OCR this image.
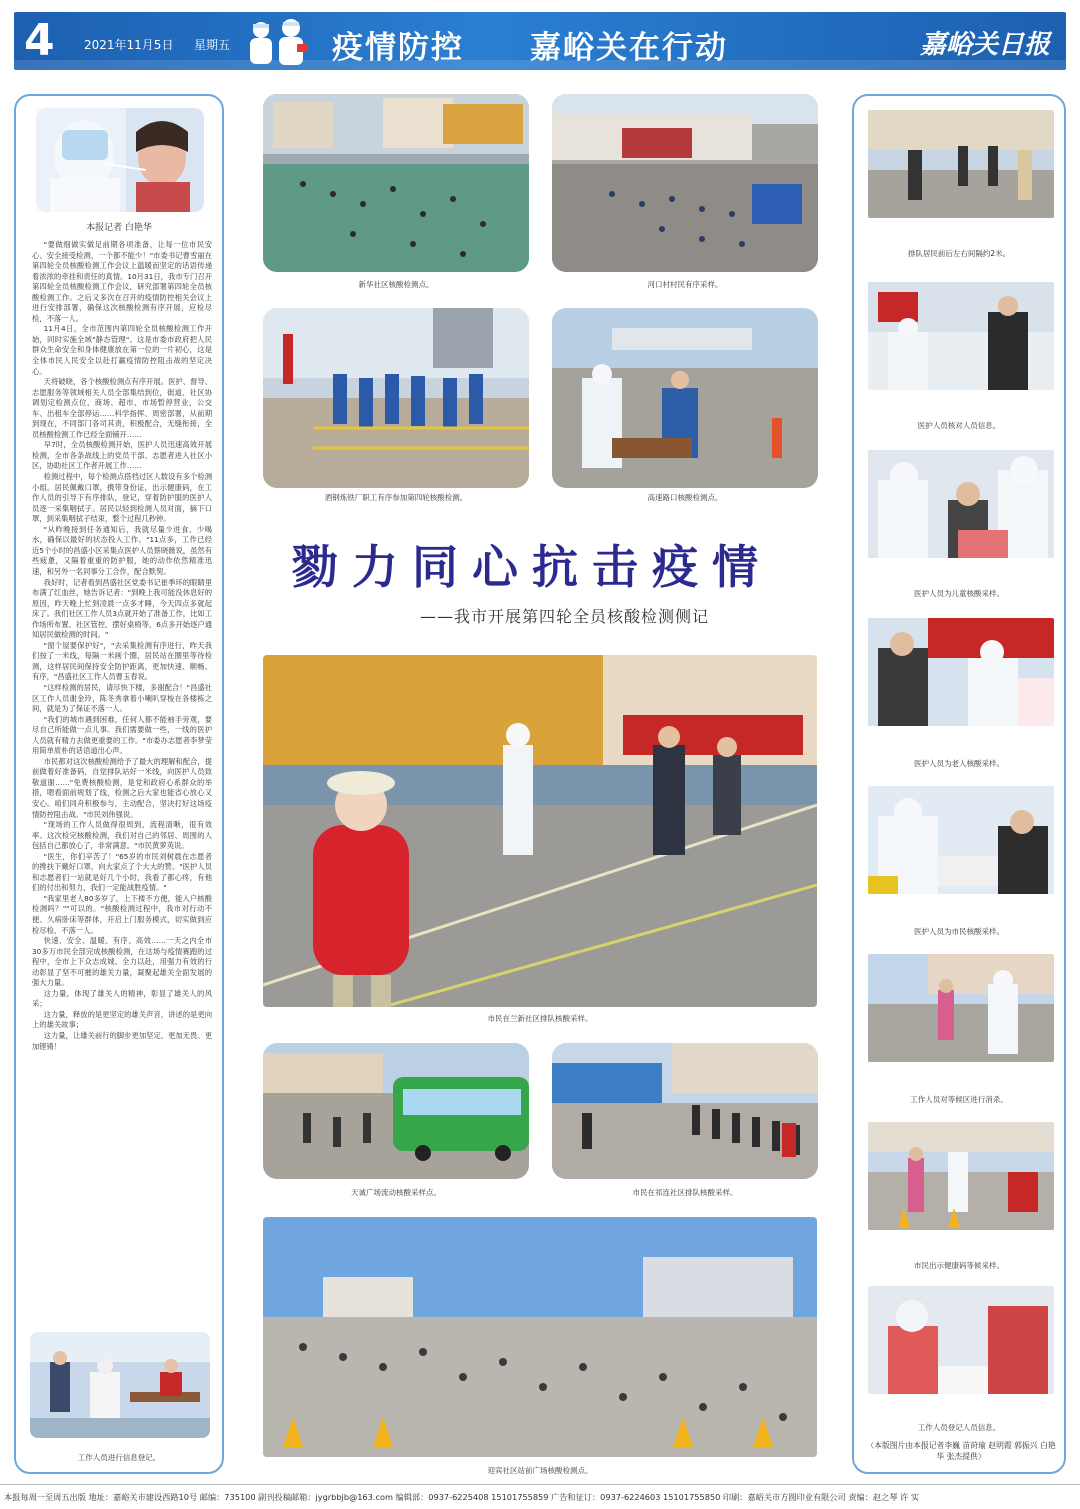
4 2021年11月5日 星期五	疫情防控 嘉峪关在行动	嘉峪关日报
本报记者 白艳华

"要做细做实做足前期各项准备，让每一位市民安心、安全接受检测，一个都不能少！"市委书记曹雪丽在第四轮全员核酸检测工作会议上温暖而坚定的话语传递着浓浓的牵挂和责任的真情。10月31日，我市专门召开第四轮全员核酸检测工作会议，研究部署第四轮全员核酸检测工作。之后又多次在召开的疫情防控相关会议上进行安排部署，确保这次核酸检测有序开展，应检尽检，不落一人。

11月4日，全市范围内第四轮全员核酸检测工作开始，同时实施全域"静态管理"。这是市委市政府把人民群众生命安全和身体健康放在第一位的一片初心，这是全体市民人民安全以赴打赢疫情防控阻击战的坚定决心。

天将破晓，各个核酸检测点有序开展。医护、督导、志愿服务等领域相关人员全部集结到位，街道、社区协调划定检测点位，商场、超市、市场暂停营业，公交车、出租车全部停运……科学指挥、周密部署，从前期到现在，不同部门各司其责，积极配合，无缝衔接，全员核酸检测工作已经全面铺开……

早7时，全员核酸检测开始，医护人员迅速高效开展检测，全市各条战线上的党员干部、志愿者进入社区小区，协助社区工作者开展工作……

检测过程中，每个检测点搭档过区人数设有多个检测小组。居民佩戴口罩，携带身份证，出示健康码，在工作人员的引导下有序排队，登记，穿着防护服的医护人员逐一采集咽拭子。居民以轻到检测人员对面，摘下口罩，到采集咽拭子结束，整个过程几秒钟。

"从昨晚接到任务通知后，我就尽量少进食、少喝水，确保以最好的状态投入工作。"11点多，工作已经近5个小时的昌盛小区采集点医护人员蔡晓薇说，虽然有些疲惫，又隔着重重的防护服，她的动作依然精准迅速，和另外一名同事分工合作，配合默契。

我好时，记者看到昌盛社区党委书记崔季环的眼睛里布满了红血丝，她告诉记者："到晚上我可能没休息好的原因，昨天晚上忙到凌晨一点多才睡，今天四点多就起床了。我们社区工作人员3点就开始了准备工作，比如工作场所布置、社区管控、摆好桌椅等，6点多开始逐户通知居民做检测的时间。"

"窗个屋要保护好"，"去采集检测有序进行，昨天我们按了一米线，每隔一米画个圈，居民站在圈里等待检测，这样居民间保持安全防护距离，更加快速、顺畅、有序，"昌盛社区工作人员曹玉春说。

"这样检测的居民，请尽快下楼，多谢配合！"昌盛社区工作人员谢金玲，陈冬秀拿着小喇叭穿梭在各楼栋之间，就是为了保证不落一人。

"我们的城市遇到困难，任何人都不能袖手旁观，要尽自己所能做一点儿事。我们需要做一些，一线的医护人员就有精力去做更重要的工作。"市委办志愿者李梦莹用简单质朴的话语道出心声。

市民都对这次核酸检测给予了最大的理解和配合，提前做着好准备码，自觉排队站好一米线，向医护人员致敬道谢……"免费核酸检测，是党和政府心系群众的举措，嗯看面前规划了线，检测之后大家也能省心放心又安心。咱们同舟积极参与，主动配合，坚决打好这场疫情防控阻击战。"市民刘伟强说。

"现场的工作人员做得很周到，流程清晰，很有效率。这次检完核酸检测，我们对自己的邻居、周围的人包括自己都放心了，非常满意。"市民黄萝英说。

"医生，你们辛苦了！"65岁的市民刘树晨在志愿者的搀扶下戴好口罩，向大家点了个大大的赞。"医护人员和志愿者们一站就是好几个小时，我看了都心疼，有他们的付出和努力，我们一定能战胜疫情。"

"我家里老人80多岁了，上下楼不方便，能入户核酸检测吗？""可以的。"核酸检测过程中，我市对行动不便、久病卧床等群体，开启上门服务模式，切实做到应检尽检、不落一人。

快速、安全、温暖、有序、高效……一天之内全市30多万市民全部完成核酸检测，在这场与疫情赛跑的过程中，全市上下众志成城、全力以赴，用强力有效的行动彰显了坚不可摧的雄关力量，凝聚起雄关全面发展的强大力量。

这力量，体现了雄关人的精神，彰显了雄关人的风采；

这力量，释放的是更坚定的雄关声音，讲述的是更向上的雄关故事；

这力量，让雄关前行的脚步更加坚定、更加无畏、更加铿锵！

工作人员进行信息登记。
新华社区核酸检测点。	河口村村民有序采样。
酒钢炼铁厂职工有序参加第四轮核酸检测。	高速路口核酸检测点。
勠力同心抗击疫情
——我市开展第四轮全员核酸检测侧记
市民在兰新社区排队核酸采样。
天诚广场流动核酸采样点。	市民在祁连社区排队核酸采样。
迎宾社区站前广场核酸检测点。
排队居民前后左右间隔约2米。
医护人员核对人员信息。
医护人员为儿童核酸采样。
医护人员为老人核酸采样。
医护人员为市民核酸采样。
工作人员对等候区进行消杀。
市民出示健康码等候采样。
工作人员登记人员信息。
（本版图片由本报记者李巍 苗莳瑜 赵明霞 郭振兴 白艳华 张杰提供）
本报每周一至周五出版 地址：嘉峪关市建设西路10号 邮编：735100 副刊投稿邮箱：jygrbbjb@163.com 编辑部：0937-6225408 15101755859 广告和征订：0937-6224603 15101755850 印刷：嘉峪关市方圆印业有限公司 责编：赵之琴 许 实
